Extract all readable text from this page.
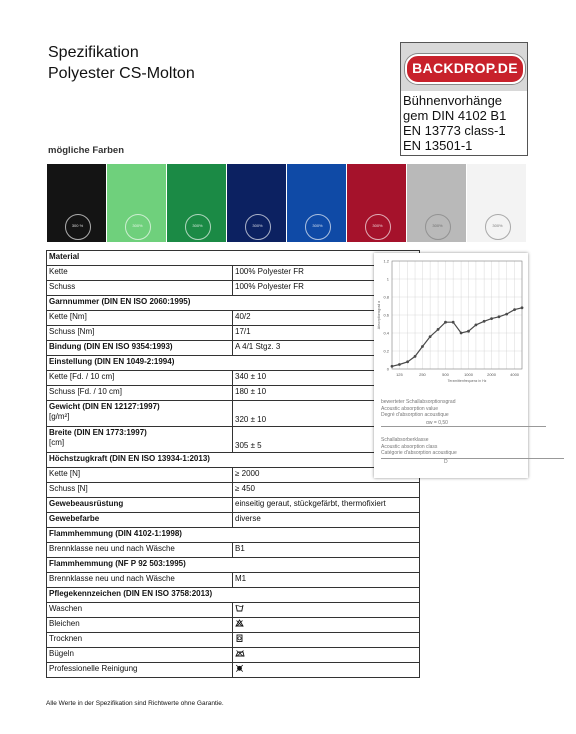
Spezifikation
Polyester CS-Molton	BACKDROP.DE
Bühnenvorhänge
gem DIN 4102 B1
EN 13773 class-1
EN 13501-1
mögliche Farben
300 %	300%	300%	300%	300%	300%	300%	300%
Material	
Kette	100% Polyester FR
Schuss	100% Polyester FR
Garnnummer (DIN EN ISO 2060:1995)	
Kette [Nm]	40/2
Schuss [Nm]	17/1
Bindung (DIN EN ISO 9354:1993)	A 4/1 Stgz. 3
Einstellung (DIN EN 1049-2:1994)	
Kette [Fd. / 10 cm]	340 ± 10
Schuss [Fd. / 10 cm]	180 ± 10
Gewicht (DIN EN 12127:1997)
[g/m²]	320 ± 10
Breite (DIN EN 1773:1997)
[cm]	305 ± 5
Höchstzugkraft (DIN EN ISO 13934-1:2013)	
Kette [N]	≥ 2000
Schuss [N]	≥ 450
Gewebeausrüstung	einseitig geraut, stückgefärbt, thermofixiert
Gewebefarbe	diverse
Flammhemmung (DIN 4102-1:1998)	
Brennklasse neu und nach Wäsche	B1
Flammhemmung (NF P 92 503:1995)	
Brennklasse neu und nach Wäsche	M1
Pflegekennzeichen (DIN EN ISO 3758:2013)	
Waschen	
Bleichen	
Trocknen	
Bügeln	
Professionelle Reinigung	
0
0.2
0.4
0.6
0.8
1
1.2
125	250	500	1000	2000	4000
Terzmittenfrequenz in Hz
Absorptionsgrad α
bewerteter Schallabsorptionsgrad
Acoustic absorption value
Degré d'absorption acoustique
αw = 0,50
Schallabsorberklasse
Acoustic absorption class
Catégorie d'absorption acoustique
D
Alle Werte in der Spezifikation sind Richtwerte ohne Garantie.
